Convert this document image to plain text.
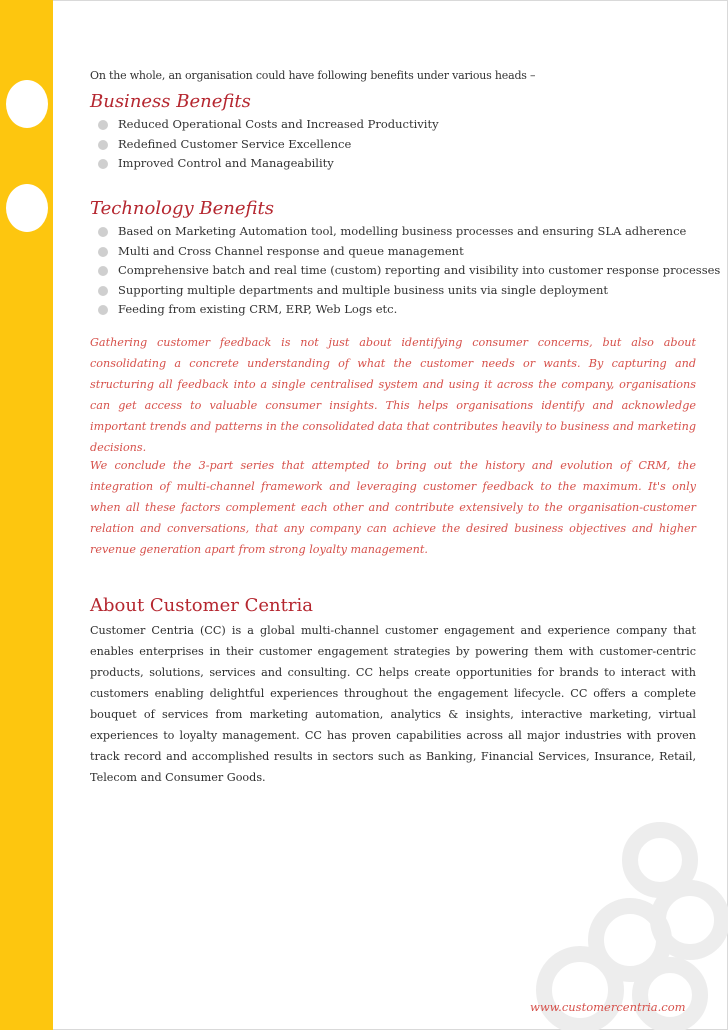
On the whole, an organisation could have following benefits under various heads –
Business Benefits
Reduced Operational Costs and Increased Productivity
Redefined Customer Service Excellence
Improved Control and Manageability
Technology Benefits
Based on Marketing Automation tool, modelling business processes and ensuring SLA adherence
Multi and Cross Channel response and queue management
Comprehensive batch and real time (custom) reporting and visibility into customer response processes
Supporting multiple departments and multiple business units via single deployment
Feeding from existing CRM, ERP, Web Logs etc.

Gathering customer feedback is not just about identifying consumer concerns, but also about consolidating a concrete understanding of what the customer needs or wants. By capturing and structuring all feedback into a single centralised system and using it across the company, organisations can get access to valuable consumer insights. This helps organisations identify and acknowledge important trends and patterns in the consolidated data that contributes heavily to business and marketing decisions.

We conclude the 3-part series that attempted to bring out the history and evolution of CRM, the integration of multi-channel framework and leveraging customer feedback to the maximum. It's only when all these factors complement each other and contribute extensively to the organisation-customer relation and conversations, that any company can achieve the desired business objectives and higher revenue generation apart from strong loyalty management.

About Customer Centria

Customer Centria (CC) is a global multi-channel customer engagement and experience company that enables enterprises in their customer engagement strategies by powering them with customer-centric products, solutions, services and consulting. CC helps create opportunities for brands to interact with customers enabling delightful experiences throughout the engagement lifecycle. CC offers a complete bouquet of services from marketing automation, analytics & insights, interactive marketing, virtual experiences to loyalty management. CC has proven capabilities across all major industries with proven track record and accomplished results in sectors such as Banking, Financial Services, Insurance, Retail, Telecom and Consumer Goods.

www.customercentria.com
